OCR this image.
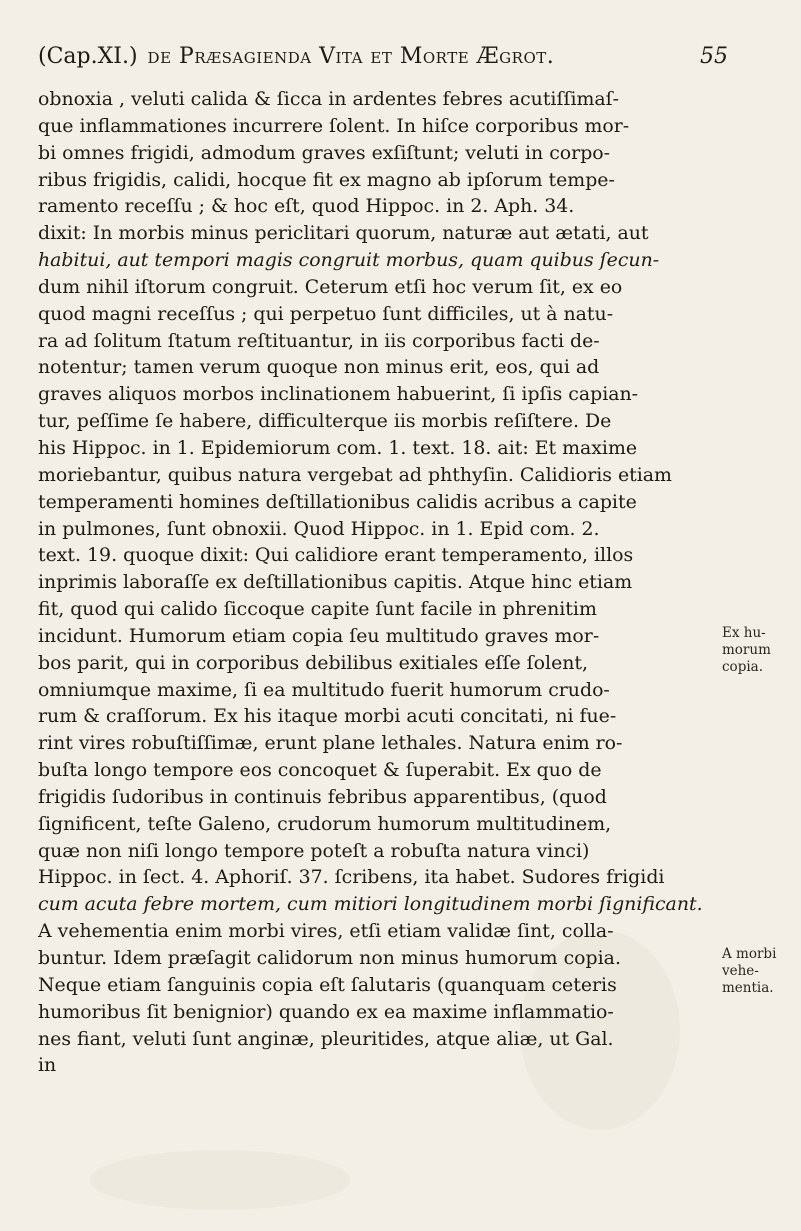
(Cap.XI.) de Præsagienda Vita et Morte Ægrot.	55
obnoxia , veluti calida & ſicca in ardentes febres acutiſſimaſ-
que inflammationes incurrere ſolent. In hiſce corporibus mor-
bi omnes frigidi, admodum graves exſiſtunt; veluti in corpo-
ribus frigidis, calidi, hocque fit ex magno ab ipſorum tempe-
ramento receſſu ; & hoc eſt, quod Hippoc. in 2. Aph. 34.
dixit: In morbis minus periclitari quorum, naturæ aut ætati, aut
habitui, aut tempori magis congruit morbus, quam quibus ſecun-
dum nihil iſtorum congruit. Ceterum etſi hoc verum ſit, ex eo
quod magni receſſus ; qui perpetuo ſunt difficiles, ut à natu-
ra ad ſolitum ſtatum reſtituantur, in iis corporibus facti de-
notentur; tamen verum quoque non minus erit, eos, qui ad
graves aliquos morbos inclinationem habuerint, ſi ipſis capian-
tur, peſſime ſe habere, difficulterque iis morbis reſiſtere. De
his Hippoc. in 1. Epidemiorum com. 1. text. 18. ait: Et maxime
moriebantur, quibus natura vergebat ad phthyſin. Calidioris etiam
temperamenti homines deſtillationibus calidis acribus a capite
in pulmones, ſunt obnoxii. Quod Hippoc. in 1. Epid com. 2.
text. 19. quoque dixit: Qui calidiore erant temperamento, illos
inprimis laboraſſe ex deſtillationibus capitis. Atque hinc etiam
fit, quod qui calido ſiccoque capite ſunt facile in phrenitim
incidunt. Humorum etiam copia ſeu multitudo graves mor-
bos parit, qui in corporibus debilibus exitiales eſſe ſolent,
omniumque maxime, ſi ea multitudo fuerit humorum crudo-
rum & craſſorum. Ex his itaque morbi acuti concitati, ni fue-
rint vires robuſtiſſimæ, erunt plane lethales. Natura enim ro-
buſta longo tempore eos concoquet & ſuperabit. Ex quo de
frigidis ſudoribus in continuis febribus apparentibus, (quod
ſignificent, teſte Galeno, crudorum humorum multitudinem,
quæ non niſi longo tempore poteſt a robuſta natura vinci)
Hippoc. in ſect. 4. Aphoriſ. 37. ſcribens, ita habet. Sudores frigidi
cum acuta febre mortem, cum mitiori longitudinem morbi ſignificant.
A vehementia enim morbi vires, etſi etiam validæ ſint, colla-
buntur. Idem præſagit calidorum non minus humorum copia.
Neque etiam ſanguinis copia eſt ſalutaris (quanquam ceteris
humoribus ſit benignior) quando ex ea maxime inflammatio-
nes fiant, veluti ſunt anginæ, pleuritides, atque aliæ, ut Gal.
in
Ex hu-
morum
copia.
A morbi
vehe-
mentia.
